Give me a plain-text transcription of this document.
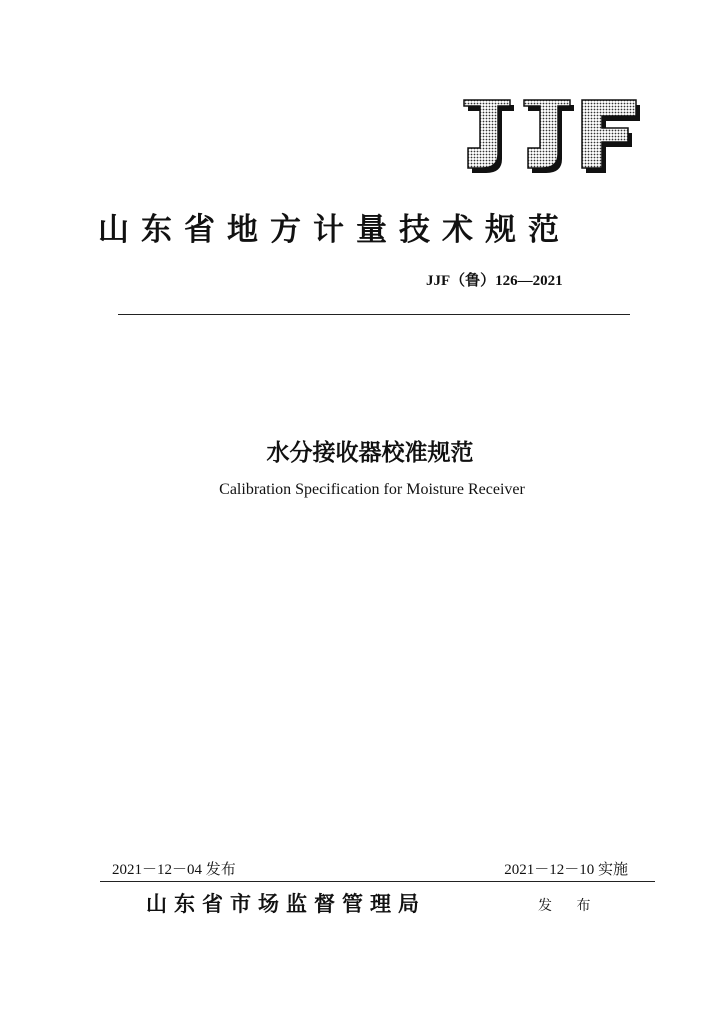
山东省地方计量技术规范
JJF（鲁）126—2021
水分接收器校准规范
Calibration Specification for Moisture Receiver
2021－12－04 发布	2021－12－10 实施
山东省市场监督管理局	发 布
